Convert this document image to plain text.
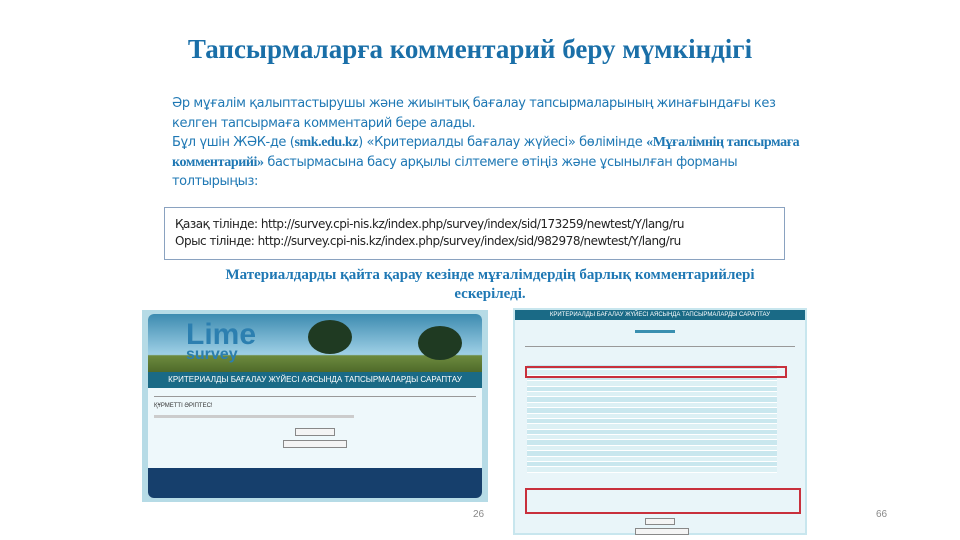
Тапсырмаларға комментарий беру мүмкіндігі
Әр мұғалім қалыптастырушы және жиынтық бағалау тапсырмаларының жинағындағы кез келген тапсырмаға комментарий бере алады.
Бұл үшін ЖӘК-де (smk.edu.kz) «Критериалды бағалау жүйесі» бөлімінде «Мұғалімнің тапсырмаға комментарийі» бастырмасына басу арқылы сілтемеге өтіңіз және ұсынылған форманы толтырыңыз:
Қазақ тілінде: http://survey.cpi-nis.kz/index.php/survey/index/sid/173259/newtest/Y/lang/ru
Орыс тілінде: http://survey.cpi-nis.kz/index.php/survey/index/sid/982978/newtest/Y/lang/ru
Материалдарды қайта қарау кезінде мұғалімдердің барлық комментарийлері ескеріледі.
Lime
survey
КРИТЕРИАЛДЫ БАҒАЛАУ ЖҮЙЕСІ АЯСЫНДА ТАПСЫРМАЛАРДЫ САРАПТАУ
ҚҰРМЕТТІ ӘРІПТЕС!
КРИТЕРИАЛДЫ БАҒАЛАУ ЖҮЙЕСІ АЯСЫНДА ТАПСЫРМАЛАРДЫ САРАПТАУ
26	66
